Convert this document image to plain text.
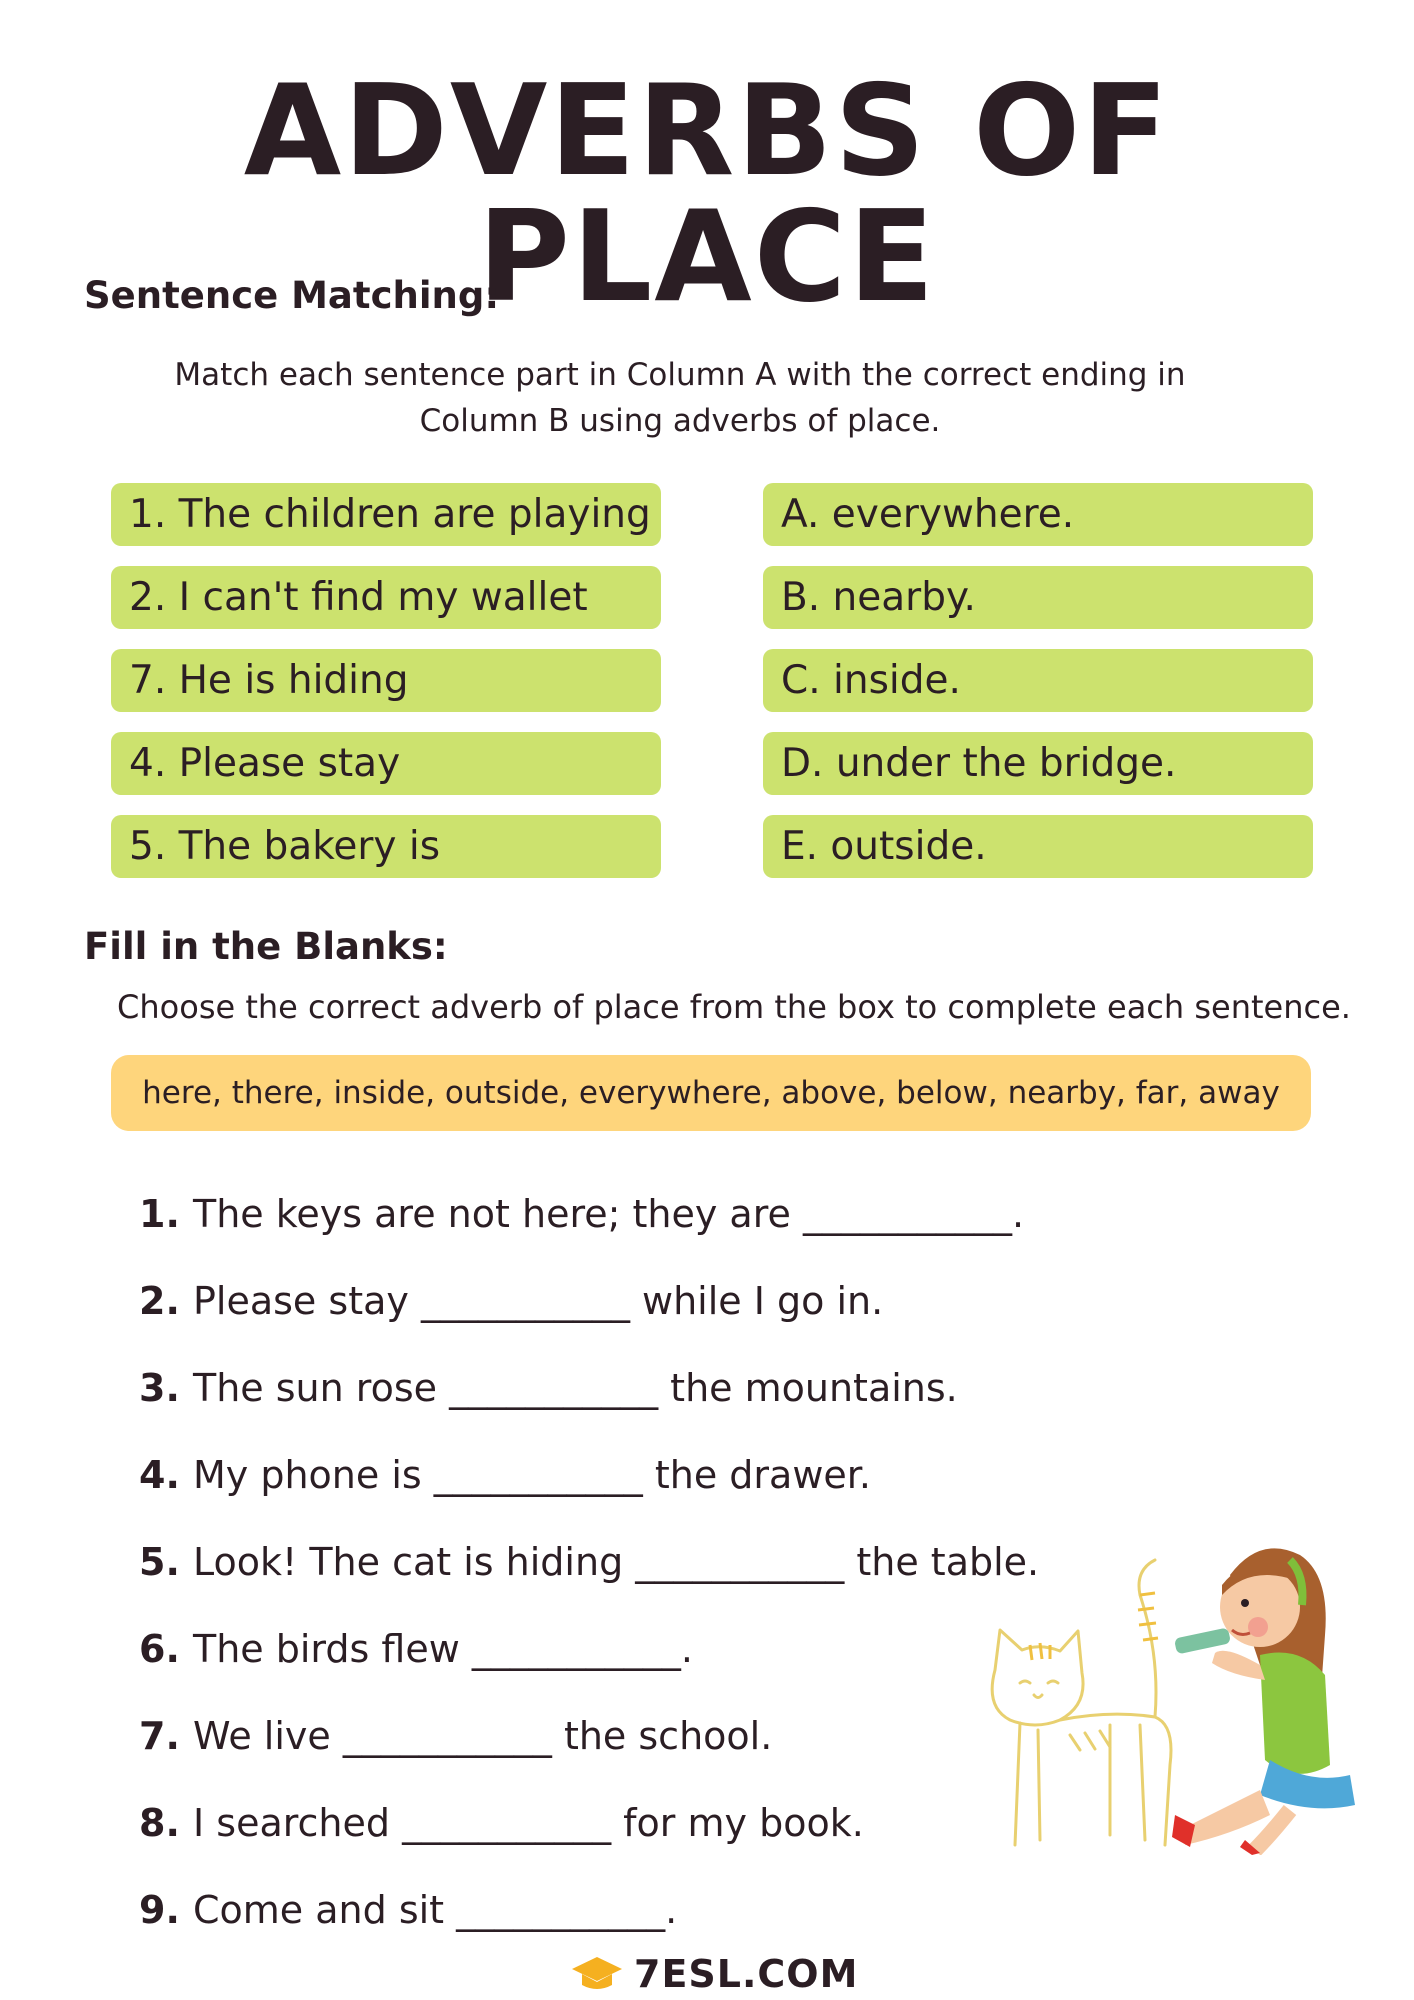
ADVERBS OF PLACE
Sentence Matching:
Match each sentence part in Column A with the correct ending in
Column B using adverbs of place.
1. The children are playing
2. I can't find my wallet
7. He is hiding
4. Please stay
5. The bakery is
A. everywhere.
B. nearby.
C. inside.
D. under the bridge.
E. outside.
Fill in the Blanks:
Choose the correct adverb of place from the box to complete each sentence.
here, there, inside, outside, everywhere, above, below, nearby, far, away
1. The keys are not here; they are ___________.
2. Please stay ___________ while I go in.
3. The sun rose ___________ the mountains.
4. My phone is ___________ the drawer.
5. Look! The cat is hiding ___________ the table.
6. The birds flew ___________.
7. We live ___________ the school.
8. I searched ___________ for my book.
9. Come and sit ___________.
7ESL.COM
